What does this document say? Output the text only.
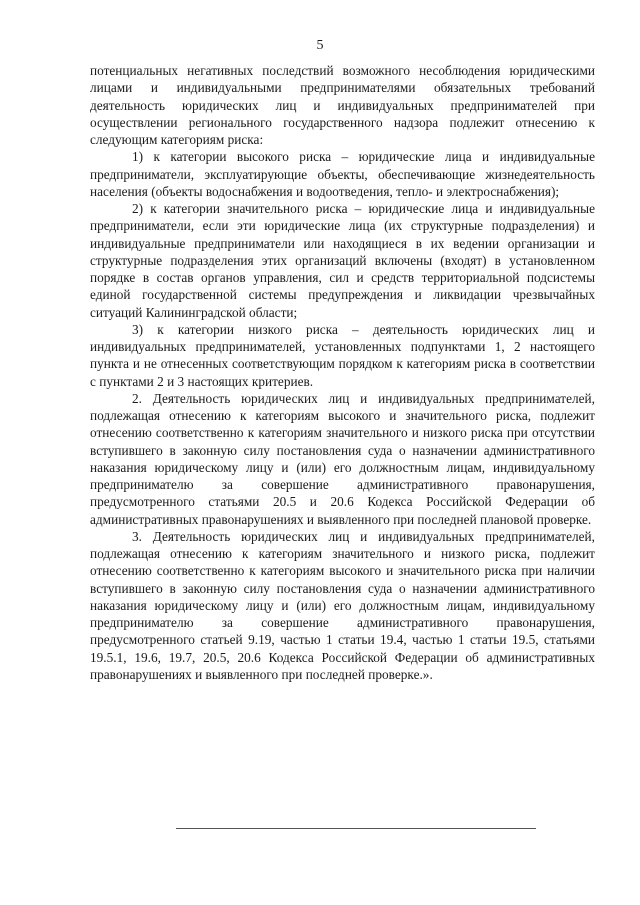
5

потенциальных негативных последствий возможного несоблюдения юридическими лицами и индивидуальными предпринимателями обязательных требований деятельность юридических лиц и индивидуальных предпринимателей при осуществлении регионального государственного надзора подлежит отнесению к следующим категориям риска:

1) к категории высокого риска – юридические лица и индивидуальные предприниматели, эксплуатирующие объекты, обеспечивающие жизнедеятельность населения (объекты водоснабжения и водоотведения, тепло- и электроснабжения);

2) к категории значительного риска – юридические лица и индивидуальные предприниматели, если эти юридические лица (их структурные подразделения) и индивидуальные предприниматели или находящиеся в их ведении организации и структурные подразделения этих организаций включены (входят) в установленном порядке в состав органов управления, сил и средств территориальной подсистемы единой государственной системы предупреждения и ликвидации чрезвычайных ситуаций Калининградской области;

3) к категории низкого риска – деятельность юридических лиц и индивидуальных предпринимателей, установленных подпунктами 1, 2 настоящего пункта и не отнесенных соответствующим порядком к категориям риска в соответствии с пунктами 2 и 3 настоящих критериев.

2. Деятельность юридических лиц и индивидуальных предпринимателей, подлежащая отнесению к категориям высокого и значительного риска, подлежит отнесению соответственно к категориям значительного и низкого риска при отсутствии вступившего в законную силу постановления суда о назначении административного наказания юридическому лицу и (или) его должностным лицам, индивидуальному предпринимателю за совершение административного правонарушения, предусмотренного статьями 20.5 и 20.6 Кодекса Российской Федерации об административных правонарушениях и выявленного при последней плановой проверке.

3. Деятельность юридических лиц и индивидуальных предпринимателей, подлежащая отнесению к категориям значительного и низкого риска, подлежит отнесению соответственно к категориям высокого и значительного риска при наличии вступившего в законную силу постановления суда о назначении административного наказания юридическому лицу и (или) его должностным лицам, индивидуальному предпринимателю за совершение административного правонарушения, предусмотренного статьей 9.19, частью 1 статьи 19.4, частью 1 статьи 19.5, статьями 19.5.1, 19.6, 19.7, 20.5, 20.6 Кодекса Российской Федерации об административных правонарушениях и выявленного при последней проверке.».
